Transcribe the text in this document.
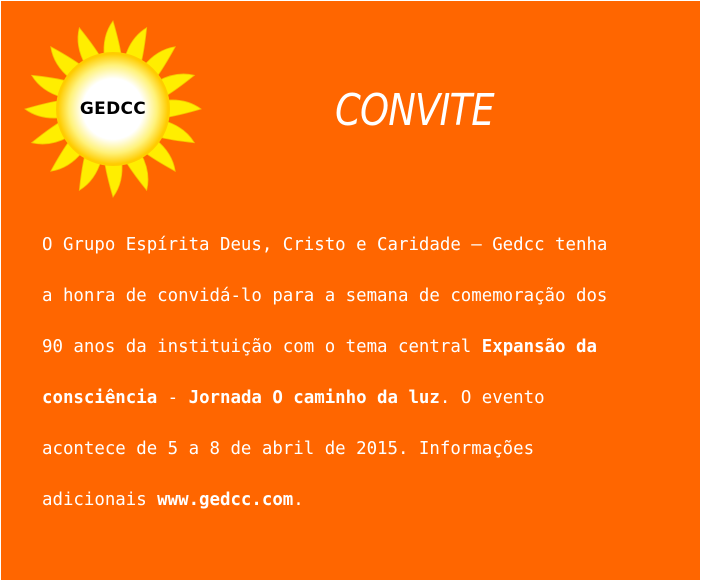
GEDCC	CONVITE
O Grupo Espírita Deus, Cristo e Caridade – Gedcc tenha
a honra de convidá-lo para a semana de comemoração dos
90 anos da instituição com o tema central Expansão da
consciência - Jornada O caminho da luz. O evento
acontece de 5 a 8 de abril de 2015. Informações
adicionais www.gedcc.com.
